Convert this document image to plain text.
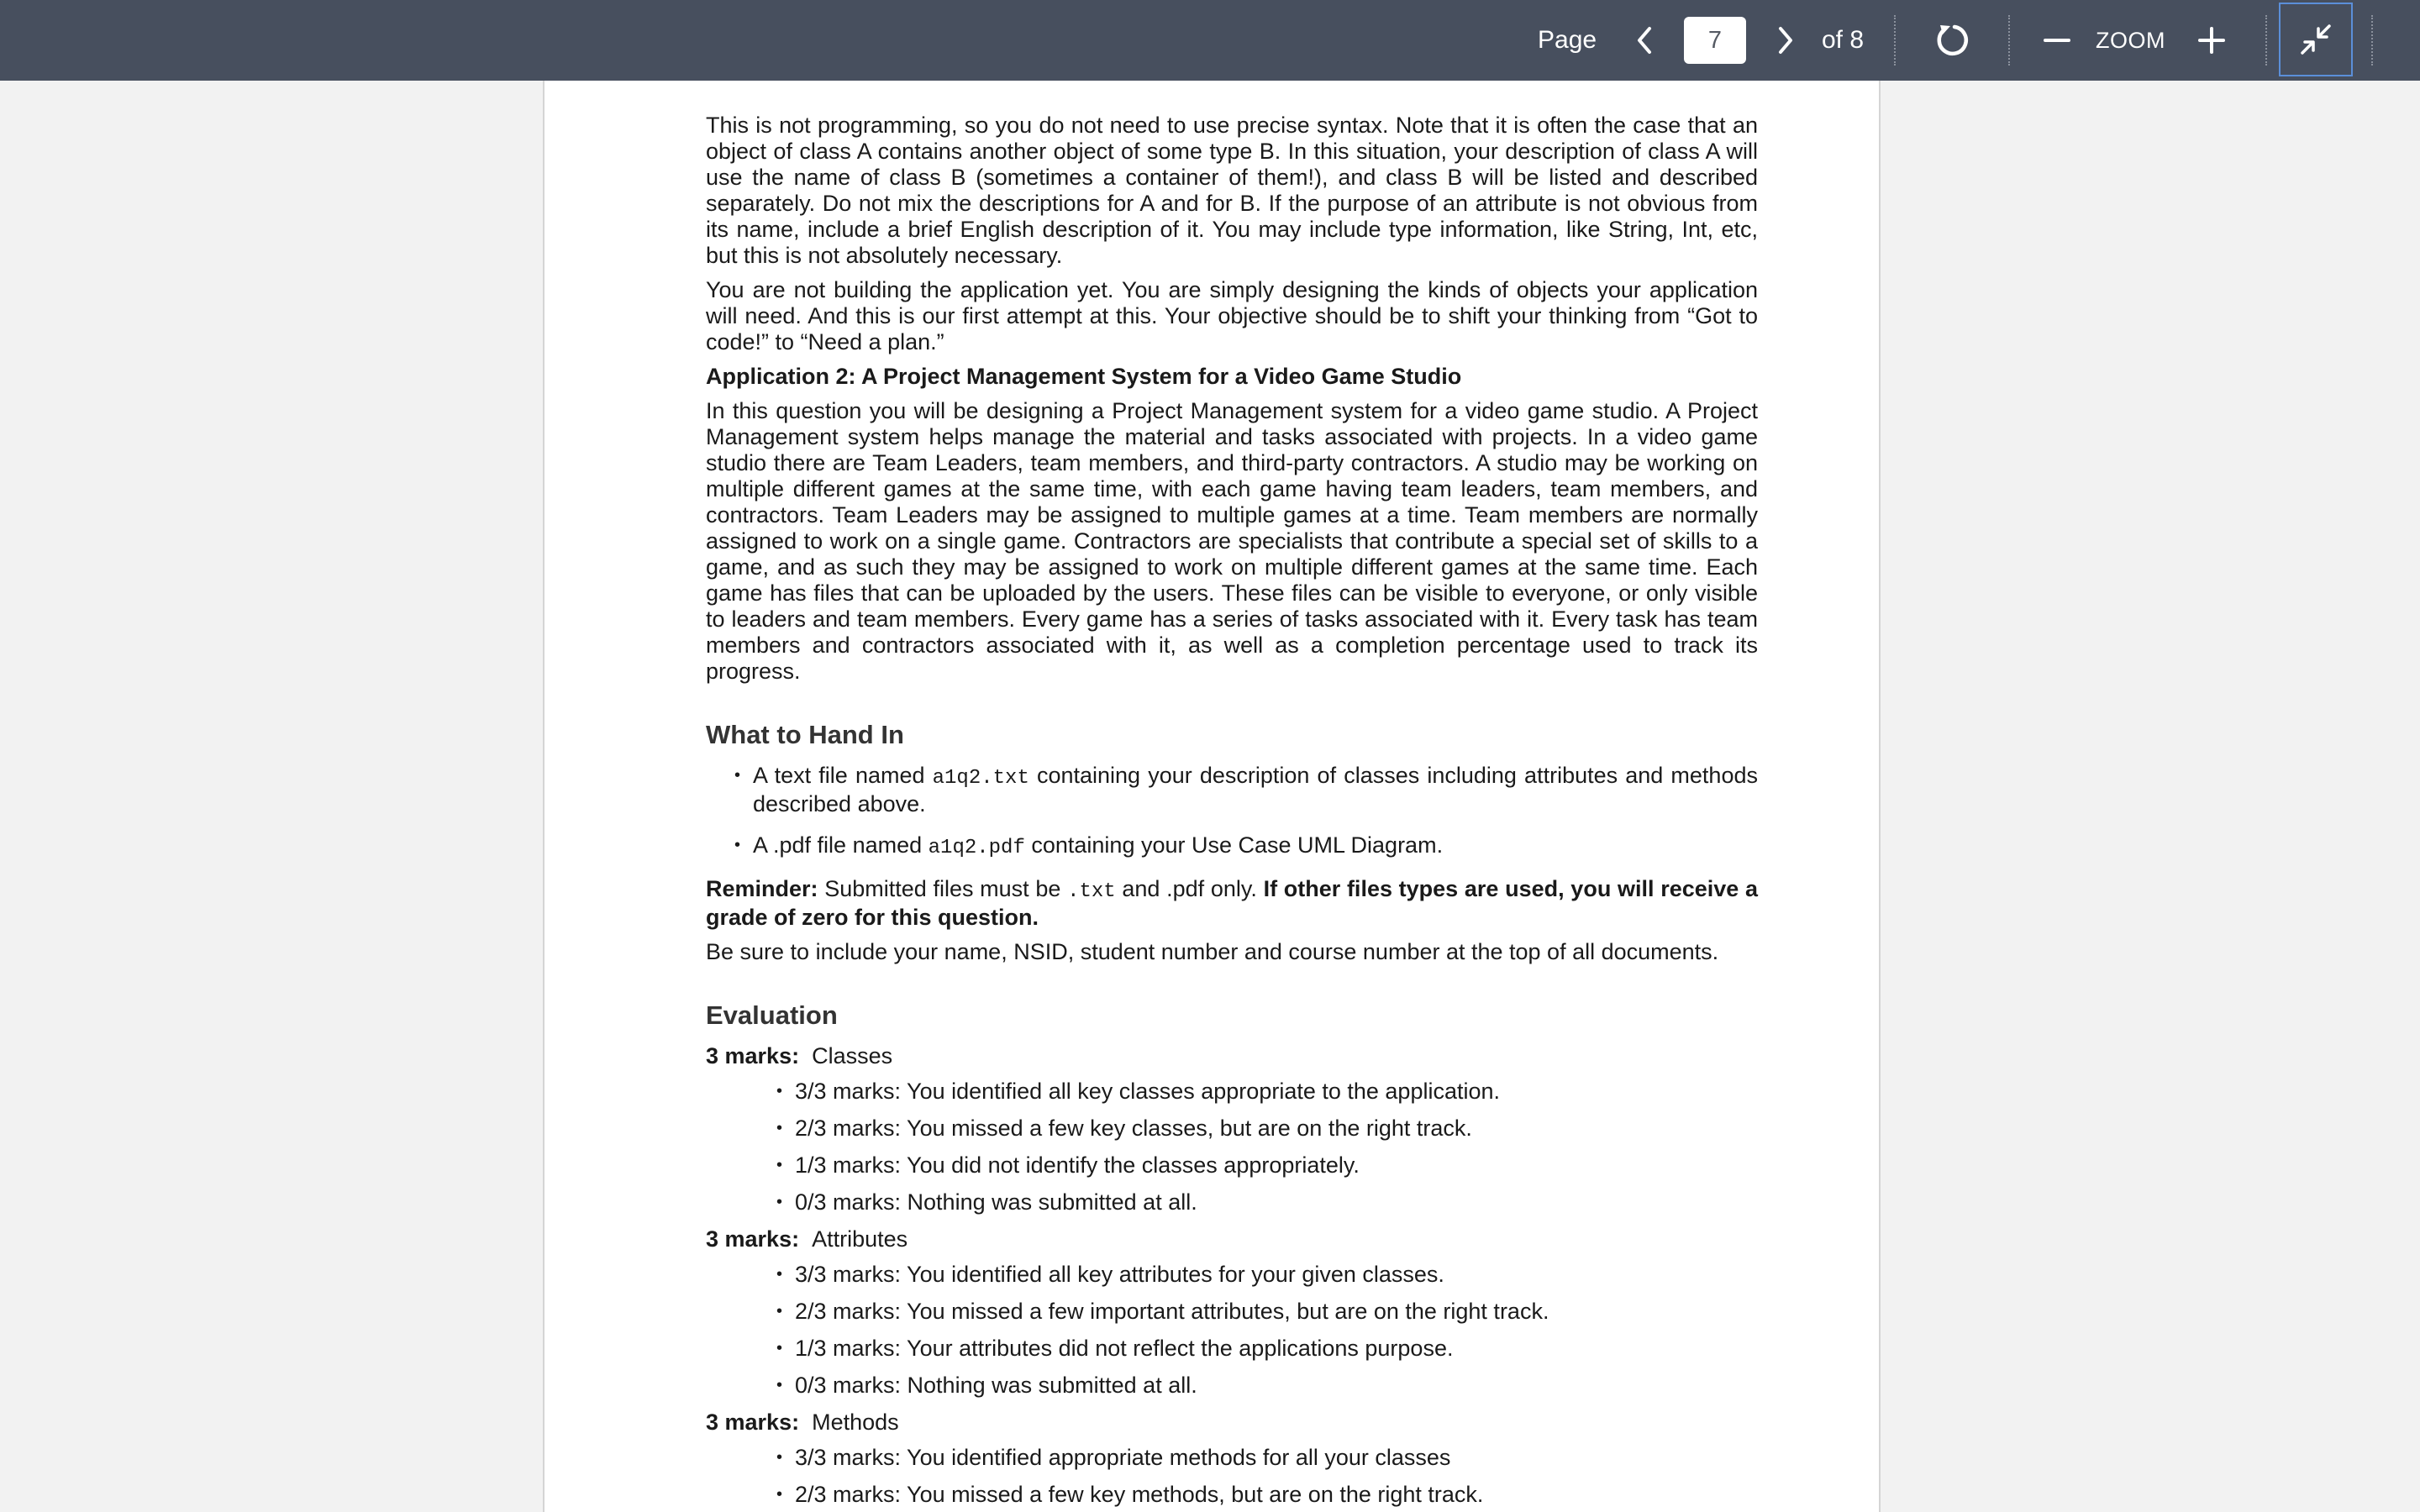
Page
7	of 8	ZOOM

This is not programming, so you do not need to use precise syntax. Note that it is often the case that an object of class A contains another object of some type B. In this situation, your description of class A will use the name of class B (sometimes a container of them!), and class B will be listed and described separately. Do not mix the descriptions for A and for B. If the purpose of an attribute is not obvious from its name, include a brief English description of it. You may include type information, like String, Int, etc, but this is not absolutely necessary.

You are not building the application yet. You are simply designing the kinds of objects your application will need. And this is our first attempt at this. Your objective should be to shift your thinking from “Got to code!” to “Need a plan.”

Application 2: A Project Management System for a Video Game Studio

In this question you will be designing a Project Management system for a video game studio. A Project Management system helps manage the material and tasks associated with projects. In a video game studio there are Team Leaders, team members, and third-party contractors. A studio may be working on multiple different games at the same time, with each game having team leaders, team members, and contractors. Team Leaders may be assigned to multiple games at a time. Team members are normally assigned to work on a single game. Contractors are specialists that contribute a special set of skills to a game, and as such they may be assigned to work on multiple different games at the same time. Each game has files that can be uploaded by the users. These files can be visible to everyone, or only visible to leaders and team members. Every game has a series of tasks associated with it. Every task has team members and contractors associated with it, as well as a completion percentage used to track its progress.

What to Hand In
• A text file named a1q2.txt containing your description of classes including attributes and methods described above.
• A .pdf file named a1q2.pdf containing your Use Case UML Diagram.

Reminder: Submitted files must be .txt and .pdf only. If other files types are used, you will receive a grade of zero for this question.

Be sure to include your name, NSID, student number and course number at the top of all documents.

Evaluation
3 marks: Classes
• 3/3 marks: You identified all key classes appropriate to the application.
• 2/3 marks: You missed a few key classes, but are on the right track.
• 1/3 marks: You did not identify the classes appropriately.
• 0/3 marks: Nothing was submitted at all.
3 marks: Attributes
• 3/3 marks: You identified all key attributes for your given classes.
• 2/3 marks: You missed a few important attributes, but are on the right track.
• 1/3 marks: Your attributes did not reflect the applications purpose.
• 0/3 marks: Nothing was submitted at all.
3 marks: Methods
• 3/3 marks: You identified appropriate methods for all your classes
• 2/3 marks: You missed a few key methods, but are on the right track.
